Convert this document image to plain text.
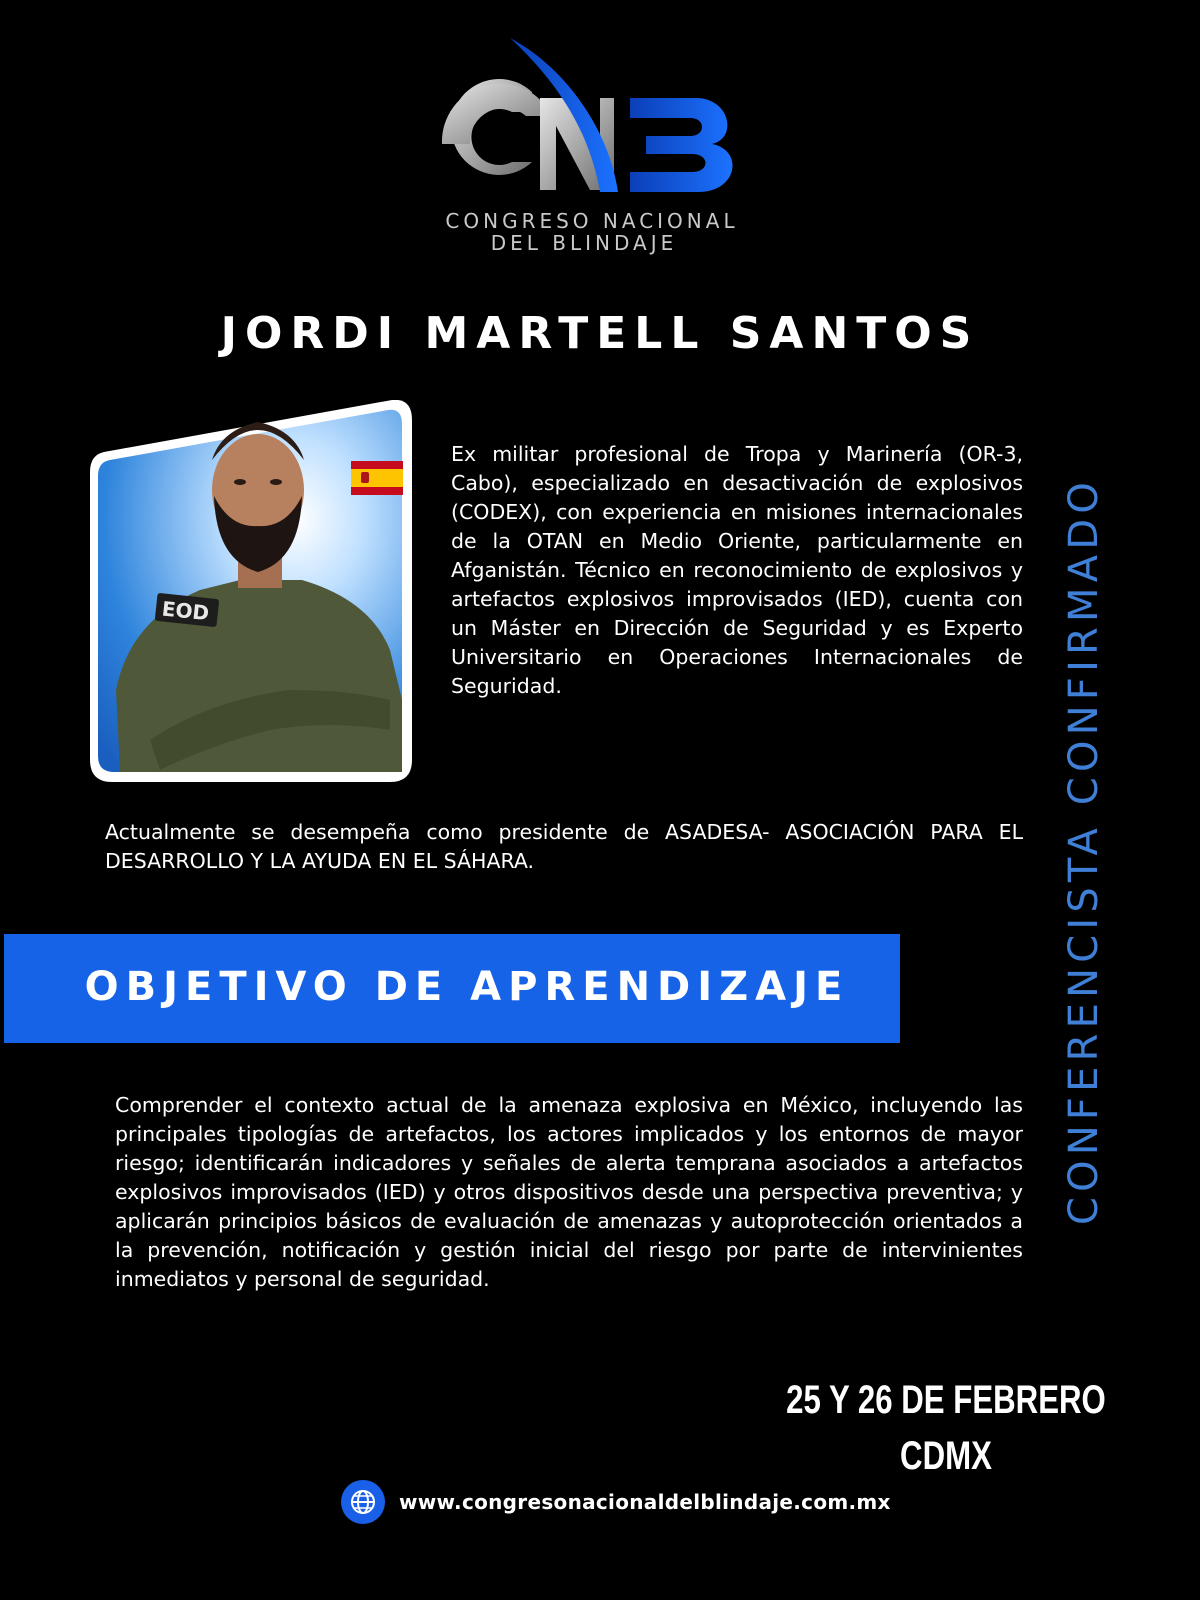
CONGRESO NACIONAL
DEL BLINDAJE
JORDI MARTELL SANTOS
EOD
Ex militar profesional de Tropa y Marinería (OR-3, Cabo), especializado en desactivación de explosivos (CODEX), con experiencia en misiones internacionales de la OTAN en Medio Oriente, particularmente en Afganistán. Técnico en reconocimiento de explosivos y artefactos explosivos improvisados (IED), cuenta con un Máster en Dirección de Seguridad y es Experto Universitario en Operaciones Internacionales de Seguridad.
Actualmente se desempeña como presidente de ASADESA- ASOCIACIÓN PARA EL DESARROLLO Y LA AYUDA EN EL SÁHARA.
OBJETIVO DE APRENDIZAJE
Comprender el contexto actual de la amenaza explosiva en México, incluyendo las principales tipologías de artefactos, los actores implicados y los entornos de mayor riesgo; identificarán indicadores y señales de alerta temprana asociados a artefactos explosivos improvisados (IED) y otros dispositivos desde una perspectiva preventiva; y aplicarán principios básicos de evaluación de amenazas y autoprotección orientados a la prevención, notificación y gestión inicial del riesgo por parte de intervinientes inmediatos y personal de seguridad.
CONFERENCISTA CONFIRMADO
25 Y 26 DE FEBRERO
CDMX
www.congresonacionaldelblindaje.com.mx
